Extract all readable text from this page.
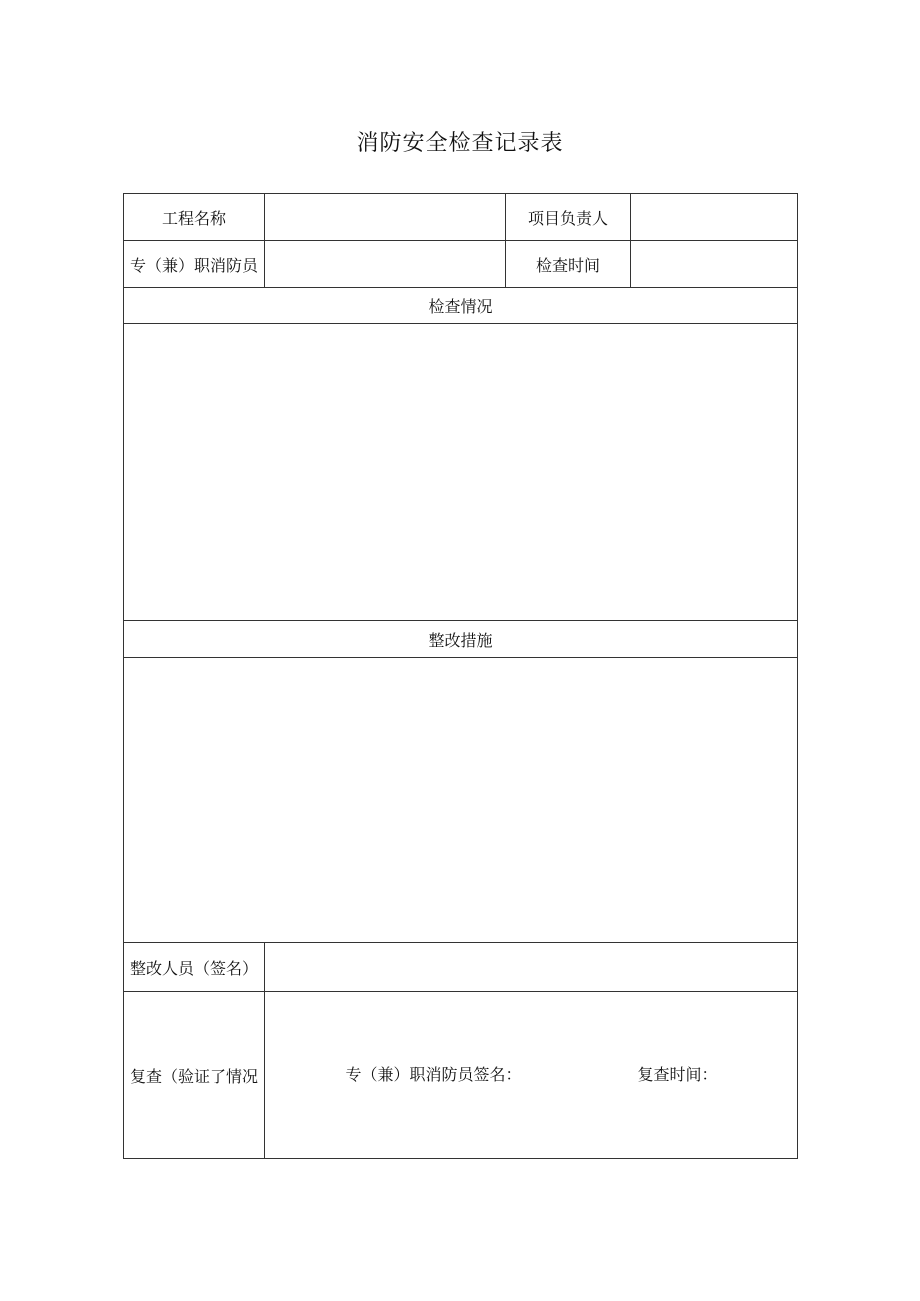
消防安全检查记录表
工程名称		项目负责人	
专（兼）职消防员		检查时间	
检查情况			

整改措施			

整改人员（签名）			
复查（验证了情况	专（兼）职消防员签名： 复查时间：		
